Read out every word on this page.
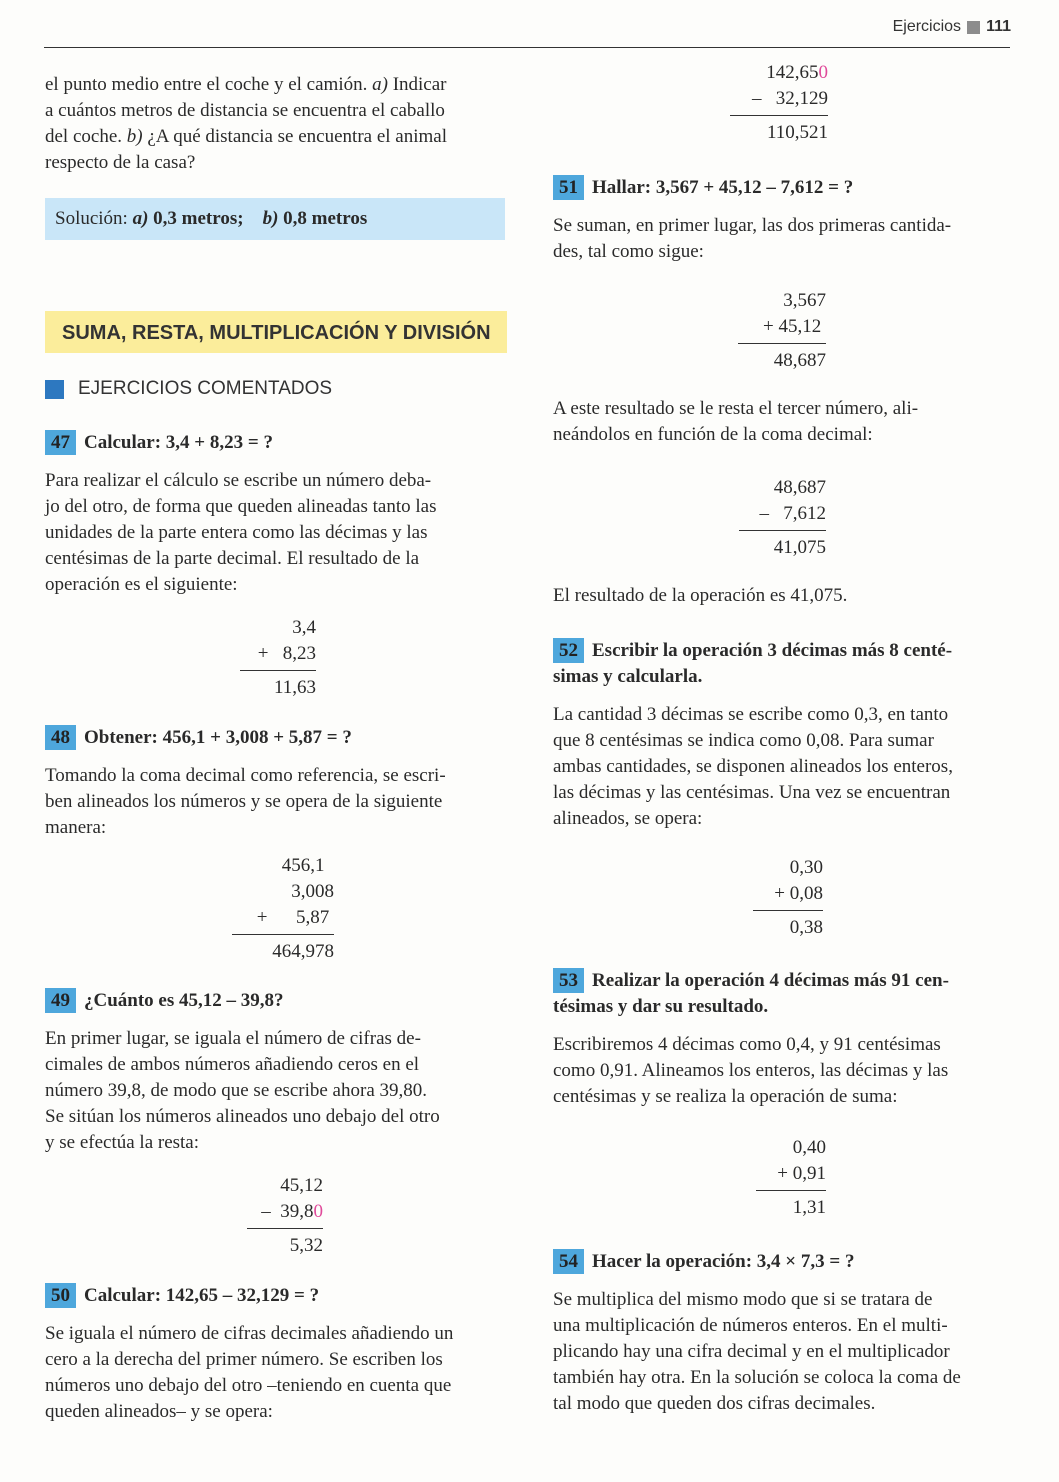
Ejercicios 111

el punto medio entre el coche y el camión. a) Indicar
a cuántos metros de distancia se encuentra el caballo
del coche. b) ¿A qué distancia se encuentra el animal
respecto de la casa?

Solución: a) 0,3 metros; b) 0,8 metros
SUMA, RESTA, MULTIPLICACIÓN Y DIVISIÓN
EJERCICIOS COMENTADOS

47 Calcular: 3,4 + 8,23 = ?

Para realizar el cálculo se escribe un número deba-
jo del otro, de forma que queden alineadas tanto las
unidades de la parte entera como las décimas y las
centésimas de la parte decimal. El resultado de la
operación es el siguiente:

3,4
+   8,23
11,63

48 Obtener: 456,1 + 3,008 + 5,87 = ?

Tomando la coma decimal como referencia, se escri-
ben alineados los números y se opera de la siguiente
manera:

456,1
3,008
+      5,87
464,978

49 ¿Cuánto es 45,12 – 39,8?

En primer lugar, se iguala el número de cifras de-
cimales de ambos números añadiendo ceros en el
número 39,8, de modo que se escribe ahora 39,80.
Se sitúan los números alineados uno debajo del otro
y se efectúa la resta:

45,12
–  39,80
5,32

50 Calcular: 142,65 – 32,129 = ?

Se iguala el número de cifras decimales añadiendo un
cero a la derecha del primer número. Se escriben los
números uno debajo del otro –teniendo en cuenta que
queden alineados– y se opera:

142,650
–   32,129
110,521

51 Hallar: 3,567 + 45,12 – 7,612 = ?

Se suman, en primer lugar, las dos primeras cantida-
des, tal como sigue:

3,567
+ 45,12
48,687

A este resultado se le resta el tercer número, ali-
neándolos en función de la coma decimal:

48,687
–   7,612
41,075

El resultado de la operación es 41,075.

52 Escribir la operación 3 décimas más 8 centé-
simas y calcularla.

La cantidad 3 décimas se escribe como 0,3, en tanto
que 8 centésimas se indica como 0,08. Para sumar
ambas cantidades, se disponen alineados los enteros,
las décimas y las centésimas. Una vez se encuentran
alineados, se opera:

0,30
+ 0,08
0,38

53 Realizar la operación 4 décimas más 91 cen-
tésimas y dar su resultado.

Escribiremos 4 décimas como 0,4, y 91 centésimas
como 0,91. Alineamos los enteros, las décimas y las
centésimas y se realiza la operación de suma:

0,40
+ 0,91
1,31

54 Hacer la operación: 3,4 × 7,3 = ?

Se multiplica del mismo modo que si se tratara de
una multiplicación de números enteros. En el multi-
plicando hay una cifra decimal y en el multiplicador
también hay otra. En la solución se coloca la coma de
tal modo que queden dos cifras decimales.
